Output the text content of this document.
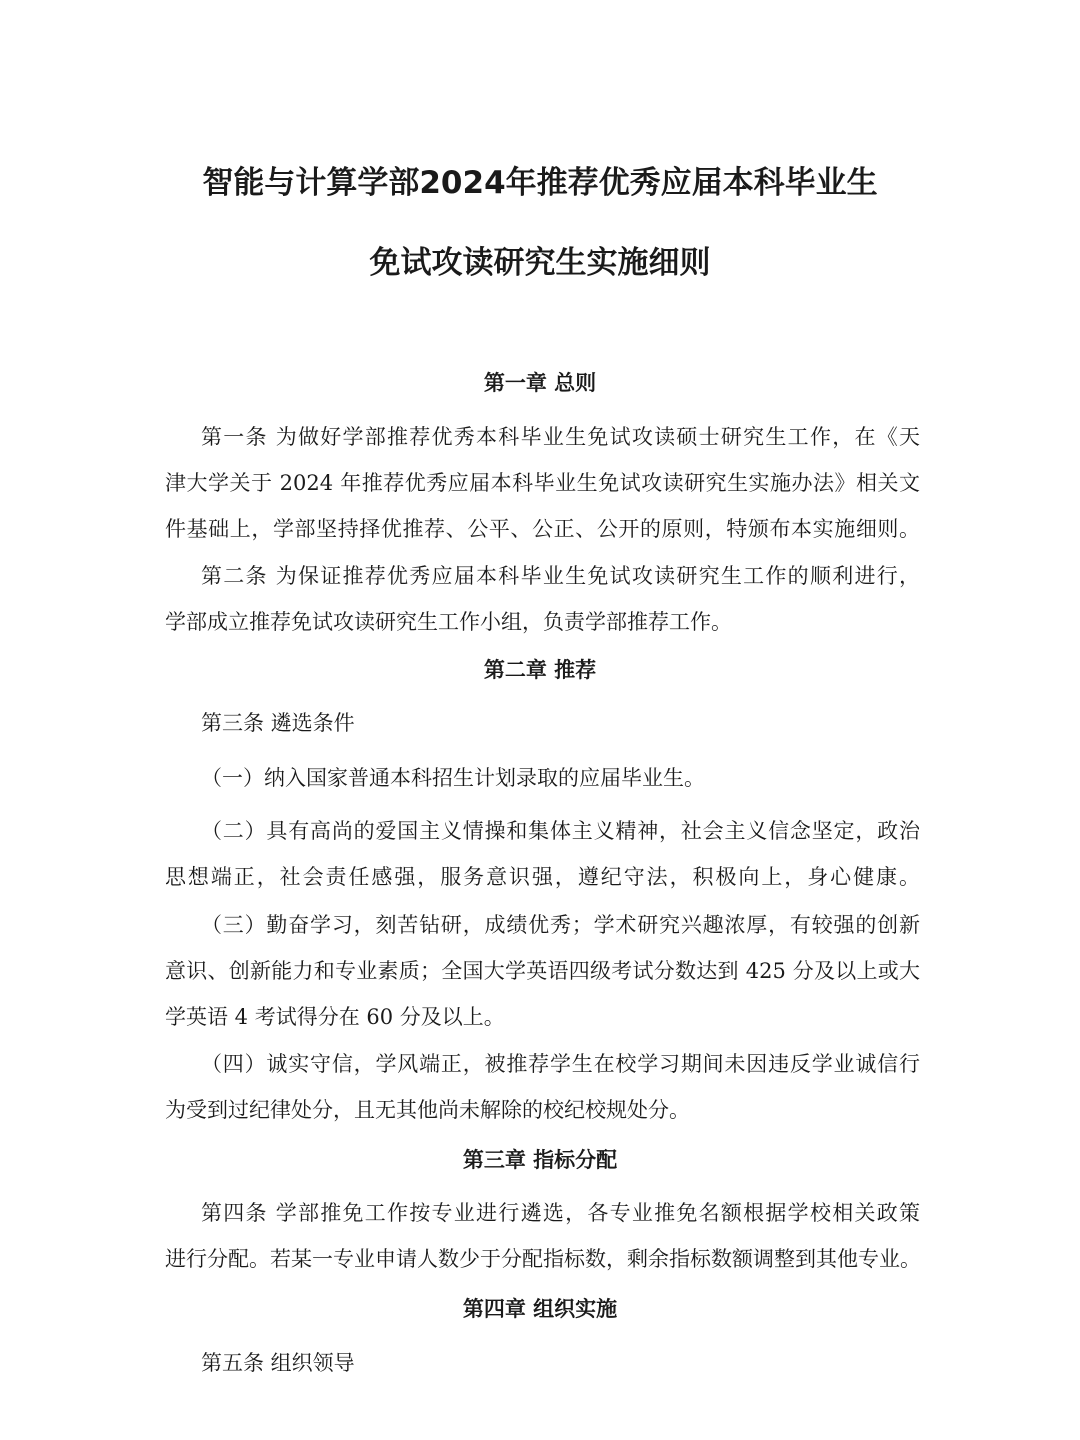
智能与计算学部2024年推荐优秀应届本科毕业生
免试攻读研究生实施细则
第一章 总则
第一条 为做好学部推荐优秀本科毕业生免试攻读硕士研究生工作，在《天
津大学关于 2024 年推荐优秀应届本科毕业生免试攻读研究生实施办法》相关文
件基础上，学部坚持择优推荐、公平、公正、公开的原则，特颁布本实施细则。
第二条 为保证推荐优秀应届本科毕业生免试攻读研究生工作的顺利进行，
学部成立推荐免试攻读研究生工作小组，负责学部推荐工作。
第二章 推荐
第三条 遴选条件
（一）纳入国家普通本科招生计划录取的应届毕业生。
（二）具有高尚的爱国主义情操和集体主义精神，社会主义信念坚定，政治
思想端正，社会责任感强，服务意识强，遵纪守法，积极向上，身心健康。
（三）勤奋学习，刻苦钻研，成绩优秀；学术研究兴趣浓厚，有较强的创新
意识、创新能力和专业素质；全国大学英语四级考试分数达到 425 分及以上或大
学英语 4 考试得分在 60 分及以上。
（四）诚实守信，学风端正，被推荐学生在校学习期间未因违反学业诚信行
为受到过纪律处分，且无其他尚未解除的校纪校规处分。
第三章 指标分配
第四条 学部推免工作按专业进行遴选，各专业推免名额根据学校相关政策
进行分配。若某一专业申请人数少于分配指标数，剩余指标数额调整到其他专业。
第四章 组织实施
第五条 组织领导
